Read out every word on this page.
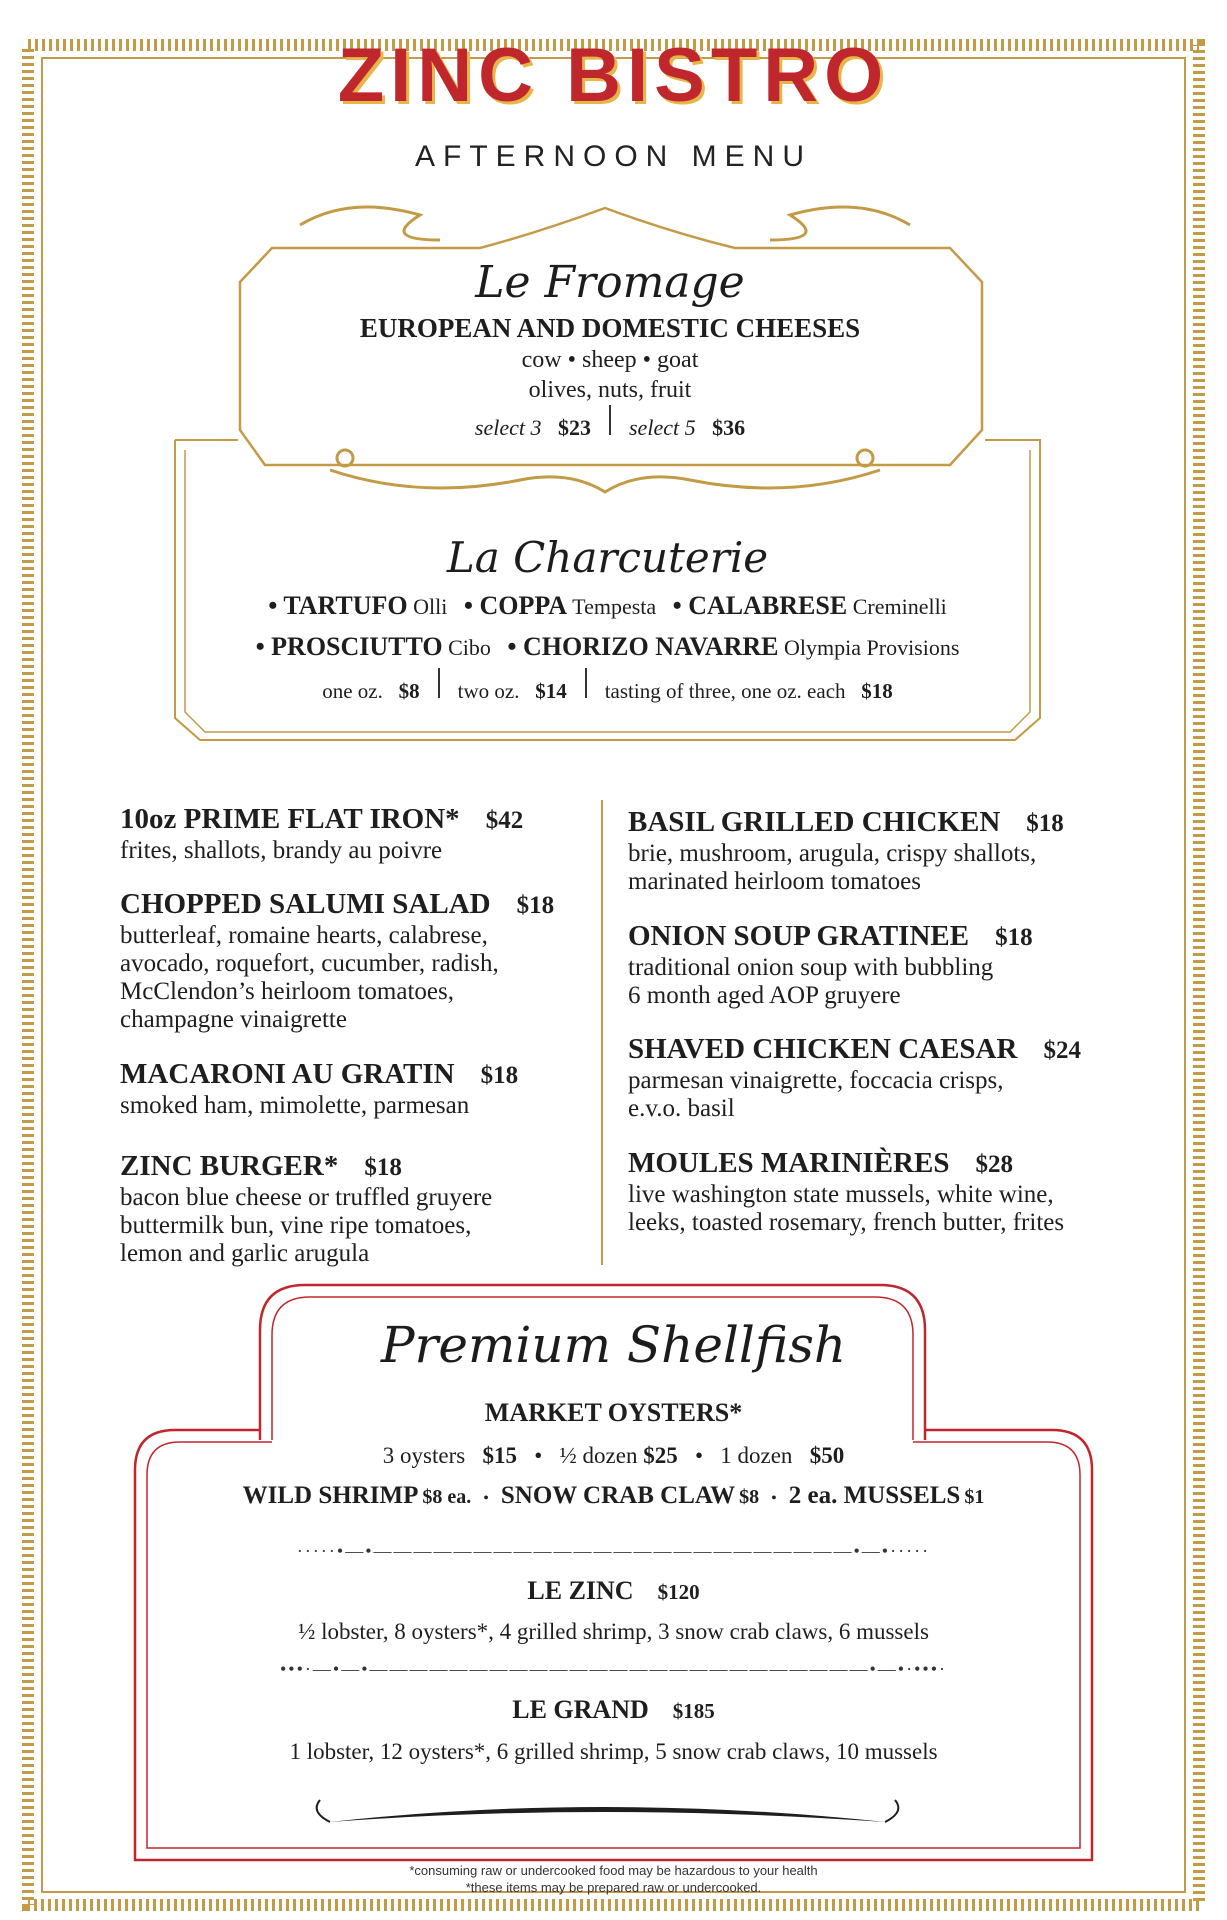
ZINC BISTRO
AFTERNOON MENU
Le Fromage
EUROPEAN AND DOMESTIC CHEESES
cow • sheep • goat
olives, nuts, fruit
select 3
$23 select 5
$36
La Charcuterie
• TARTUFO Olli
• COPPA Tempesta
• CALABRESE Creminelli
• PROSCIUTTO Cibo
• CHORIZO NAVARRE Olympia Provisions
one oz.
$8 two oz.
$14 tasting of three, one oz. each
$18
10oz PRIME FLAT IRON* $42
frites, shallots, brandy au poivre
CHOPPED SALUMI SALAD $18
butterleaf, romaine hearts, calabrese,
avocado, roquefort, cucumber, radish,
McClendon’s heirloom tomatoes,
champagne vinaigrette
MACARONI AU GRATIN $18
smoked ham, mimolette, parmesan
ZINC BURGER* $18
bacon blue cheese or truffled gruyere
buttermilk bun, vine ripe tomatoes,
lemon and garlic arugula
BASIL GRILLED CHICKEN $18
brie, mushroom, arugula, crispy shallots,
marinated heirloom tomatoes
ONION SOUP GRATINEE $18
traditional onion soup with bubbling
6 month aged AOP gruyere
SHAVED CHICKEN CAESAR $24
parmesan vinaigrette, foccacia crisps,
e.v.o. basil
MOULES MARINIÈRES $28
live washington state mussels, white wine,
leeks, toasted rosemary, french butter, frites
Premium Shellfish
MARKET OYSTERS*
3 oysters
$15 • ½ dozen
$25 • 1 dozen
$50
WILD SHRIMP
$8 ea. • SNOW CRAB CLAW
$8 • 2 ea. MUSSELS
$1
·····•—•————————————————————————•—•·····
LE ZINC
$120
½ lobster, 8 oysters*, 4 grilled shrimp, 3 snow crab claws, 6 mussels
•••·—•—•—————————————————————————•—•·•••·
LE GRAND
$185
1 lobster, 12 oysters*, 6 grilled shrimp, 5 snow crab claws, 10 mussels
*consuming raw or undercooked food may be hazardous to your health
*these items may be prepared raw or undercooked.
